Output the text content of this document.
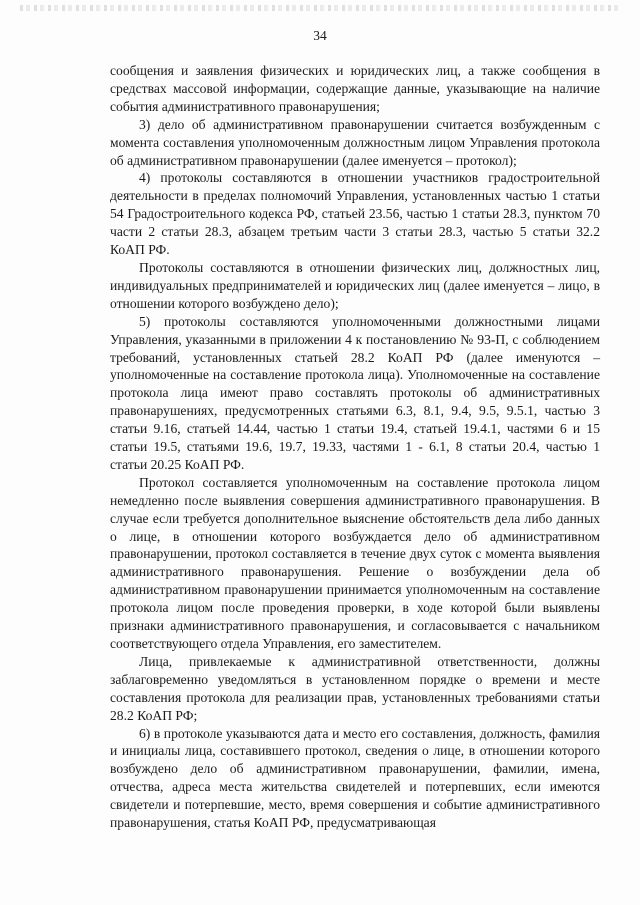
34

сообщения и заявления физических и юридических лиц, а также сообщения в средствах массовой информации, содержащие данные, указывающие на наличие события административного правонарушения;

3) дело об административном правонарушении считается возбужденным с момента составления уполномоченным должностным лицом Управления протокола об административном правонарушении (далее именуется – протокол);

4) протоколы составляются в отношении участников градостроительной деятельности в пределах полномочий Управления, установленных частью 1 статьи 54 Градостроительного кодекса РФ, статьей 23.56, частью 1 статьи 28.3, пунктом 70 части 2 статьи 28.3, абзацем третьим части 3 статьи 28.3, частью 5 статьи 32.2 КоАП РФ.

Протоколы составляются в отношении физических лиц, должностных лиц, индивидуальных предпринимателей и юридических лиц (далее именуется – лицо, в отношении которого возбуждено дело);

5) протоколы составляются уполномоченными должностными лицами Управления, указанными в приложении 4 к постановлению № 93-П, с соблюдением требований, установленных статьей 28.2 КоАП РФ (далее именуются – уполномоченные на составление протокола лица). Уполномоченные на составление протокола лица имеют право составлять протоколы об административных правонарушениях, предусмотренных статьями 6.3, 8.1, 9.4, 9.5, 9.5.1, частью 3 статьи 9.16, статьей 14.44, частью 1 статьи 19.4, статьей 19.4.1, частями 6 и 15 статьи 19.5, статьями 19.6, 19.7, 19.33, частями 1 - 6.1, 8 статьи 20.4, частью 1 статьи 20.25 КоАП РФ.

Протокол составляется уполномоченным на составление протокола лицом немедленно после выявления совершения административного правонарушения. В случае если требуется дополнительное выяснение обстоятельств дела либо данных о лице, в отношении которого возбуждается дело об административном правонарушении, протокол составляется в течение двух суток с момента выявления административного правонарушения. Решение о возбуждении дела об административном правонарушении принимается уполномоченным на составление протокола лицом после проведения проверки, в ходе которой были выявлены признаки административного правонарушения, и согласовывается с начальником соответствующего отдела Управления, его заместителем.

Лица, привлекаемые к административной ответственности, должны заблаговременно уведомляться в установленном порядке о времени и месте составления протокола для реализации прав, установленных требованиями статьи 28.2 КоАП РФ;

6) в протоколе указываются дата и место его составления, должность, фамилия и инициалы лица, составившего протокол, сведения о лице, в отношении которого возбуждено дело об административном правонарушении, фамилии, имена, отчества, адреса места жительства свидетелей и потерпевших, если имеются свидетели и потерпевшие, место, время совершения и событие административного правонарушения, статья КоАП РФ, предусматривающая
